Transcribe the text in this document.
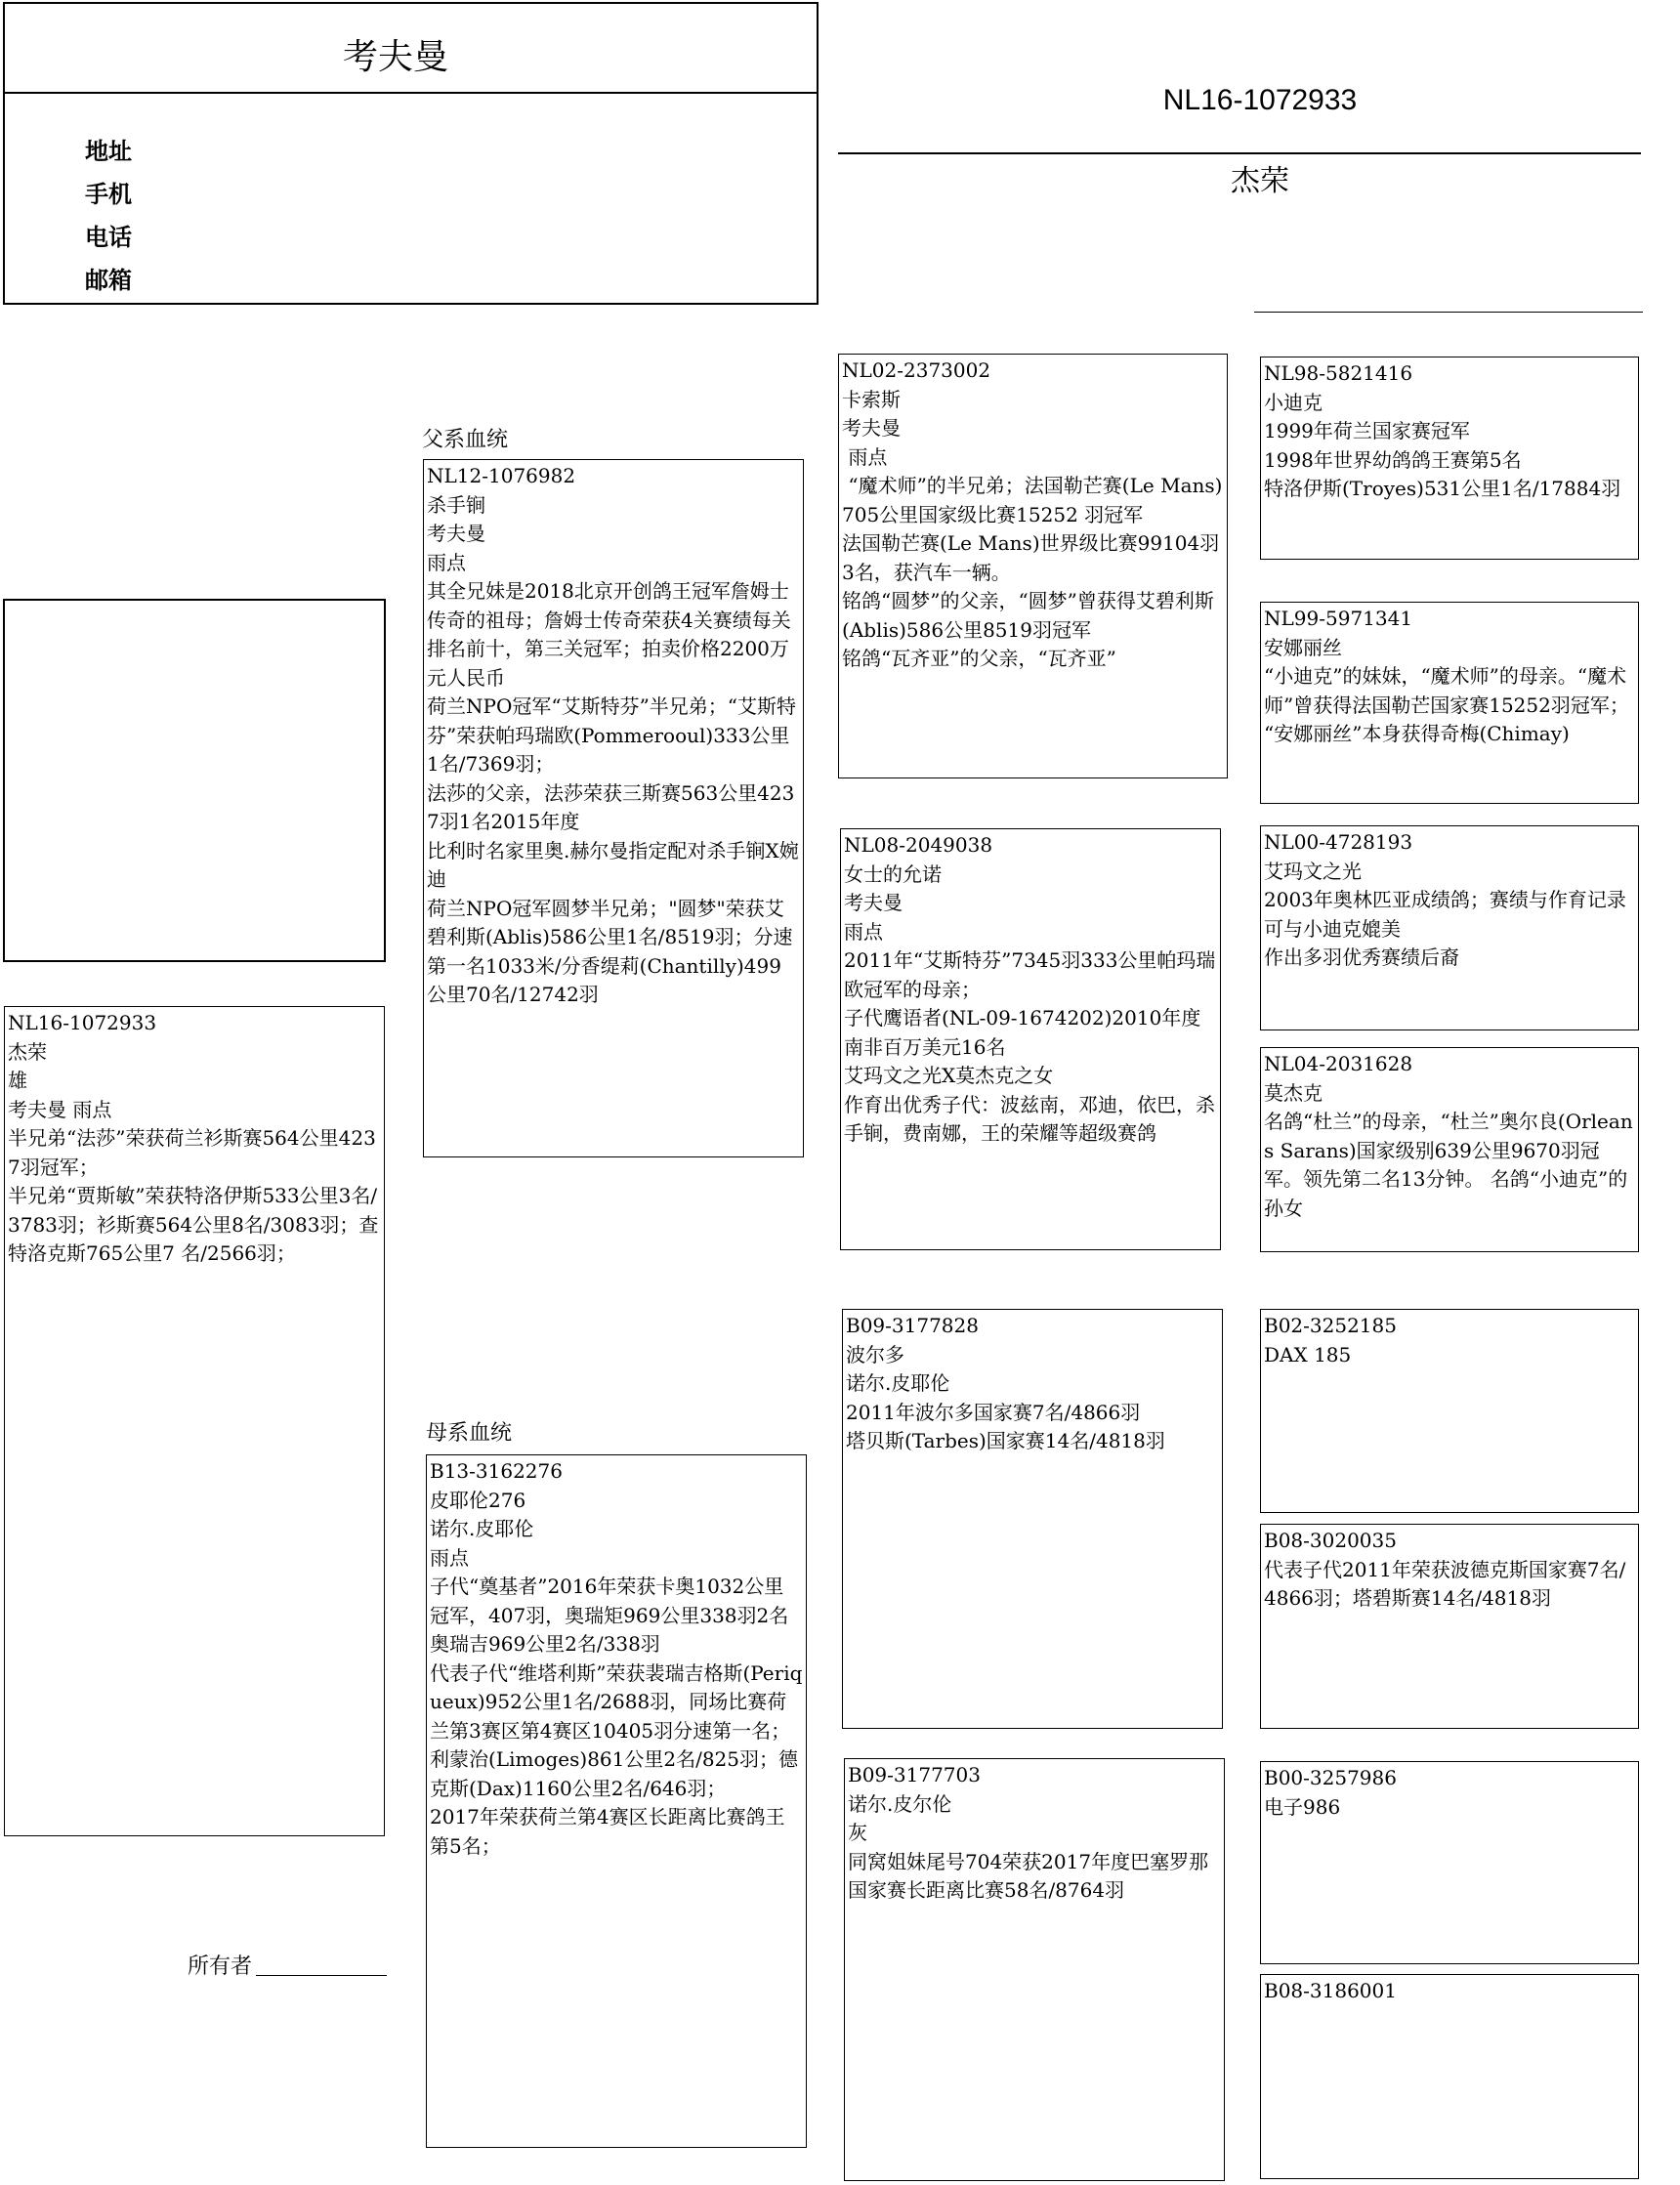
考夫曼
地址
手机
电话
邮箱
NL16-1072933
杰荣
NL16-1072933
杰荣
雄
考夫曼 雨点
半兄弟“法莎”荣获荷兰衫斯赛564公里4237羽冠军；
半兄弟“贾斯敏”荣获特洛伊斯533公里3名/3783羽；衫斯赛564公里8名/3083羽；查特洛克斯765公里7 名/2566羽；
所有者
父系血统
NL12-1076982
杀手锏
考夫曼
雨点
其全兄妹是2018北京开创鸽王冠军詹姆士传奇的祖母；詹姆士传奇荣获4关赛绩每关排名前十，第三关冠军；拍卖价格2200万元人民币
荷兰NPO冠军“艾斯特芬”半兄弟；“艾斯特芬”荣获帕玛瑞欧(Pommerooul)333公里1名/7369羽；
法莎的父亲，法莎荣获三斯赛563公里4237羽1名2015年度
比利时名家里奥.赫尔曼指定配对杀手锏X婉迪
荷兰NPO冠军圆梦半兄弟；"圆梦"荣获艾碧利斯(Ablis)586公里1名/8519羽；分速第一名1033米/分香缇莉(Chantilly)499公里70名/12742羽
母系血统
B13-3162276
皮耶伦276
诺尔.皮耶伦
雨点
子代“奠基者”2016年荣获卡奥1032公里冠军，407羽，奥瑞矩969公里338羽2名
奥瑞吉969公里2名/338羽
代表子代“维塔利斯”荣获裴瑞吉格斯(Periqueux)952公里1名/2688羽，同场比赛荷兰第3赛区第4赛区10405羽分速第一名；利蒙治(Limoges)861公里2名/825羽；德克斯(Dax)1160公里2名/646羽；
2017年荣获荷兰第4赛区长距离比赛鸽王第5名；
NL02-2373002
卡索斯
考夫曼
雨点
“魔术师”的半兄弟；法国勒芒赛(Le Mans)705公里国家级比赛15252 羽冠军
法国勒芒赛(Le Mans)世界级比赛99104羽3名，获汽车一辆。
铭鸽“圆梦”的父亲，“圆梦”曾获得艾碧利斯(Ablis)586公里8519羽冠军
铭鸽“瓦齐亚”的父亲，“瓦齐亚”
NL08-2049038
女士的允诺
考夫曼
雨点
2011年“艾斯特芬”7345羽333公里帕玛瑞欧冠军的母亲；
子代鹰语者(NL-09-1674202)2010年度南非百万美元16名
艾玛文之光X莫杰克之女
作育出优秀子代：波兹南，邓迪，依巴，杀手锏，费南娜，王的荣耀等超级赛鸽
B09-3177828
波尔多
诺尔.皮耶伦
2011年波尔多国家赛7名/4866羽
塔贝斯(Tarbes)国家赛14名/4818羽
B09-3177703
诺尔.皮尔伦
灰
同窝姐妹尾号704荣获2017年度巴塞罗那国家赛长距离比赛58名/8764羽
NL98-5821416
小迪克
1999年荷兰国家赛冠军
1998年世界幼鸽鸽王赛第5名
特洛伊斯(Troyes)531公里1名/17884羽
NL99-5971341
安娜丽丝
“小迪克”的妹妹，“魔术师”的母亲。“魔术师”曾获得法国勒芒国家赛15252羽冠军；
“安娜丽丝”本身获得奇梅(Chimay)
NL00-4728193
艾玛文之光
2003年奥林匹亚成绩鸽；赛绩与作育记录可与小迪克媲美
作出多羽优秀赛绩后裔
NL04-2031628
莫杰克
名鸽“杜兰”的母亲，“杜兰”奥尔良(Orleans Sarans)国家级别639公里9670羽冠军。领先第二名13分钟。 名鸽“小迪克”的孙女
B02-3252185
DAX 185
B08-3020035
代表子代2011年荣获波德克斯国家赛7名/4866羽；塔碧斯赛14名/4818羽
B00-3257986
电子986
B08-3186001
